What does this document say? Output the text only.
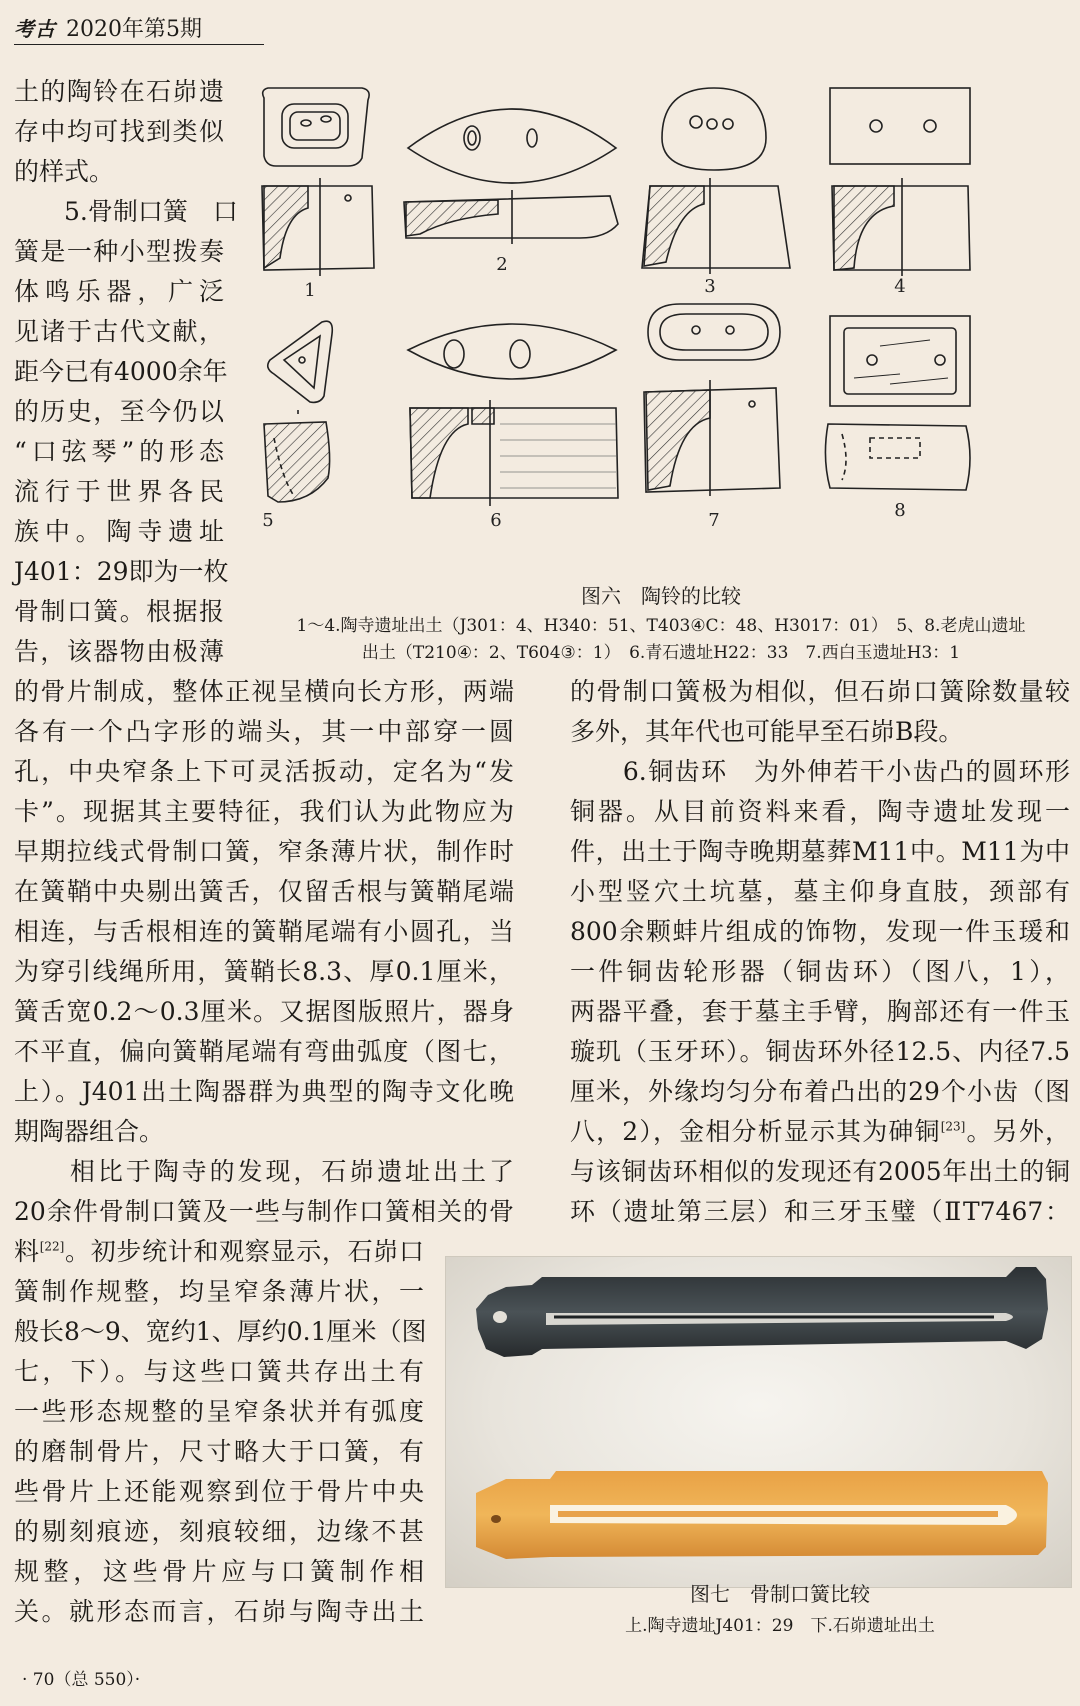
考古 2020年第5期
土的陶铃在石峁遗
存中均可找到类似
的样式。
　　5.骨制口簧　口
簧是一种小型拨奏
体鸣乐器，广泛
见诸于古代文献，
距今已有4000余年
的历史，至今仍以
“口弦琴”的形态
流行于世界各民
族中。陶寺遗址
J401：29即为一枚
骨制口簧。根据报
告，该器物由极薄
1
2
3	4
5	6	7	8
图六　陶铃的比较
1～4.陶寺遗址出土（J301：4、H340：51、T403④C：48、H3017：01）　5、8.老虎山遗址
出土（T210④：2、T604③：1）　6.青石遗址H22：33　7.西白玉遗址H3：1
的骨片制成，整体正视呈横向长方形，两端
各有一个凸字形的端头，其一中部穿一圆
孔，中央窄条上下可灵活扳动，定名为“发
卡”。现据其主要特征，我们认为此物应为
早期拉线式骨制口簧，窄条薄片状，制作时
在簧鞘中央剔出簧舌，仅留舌根与簧鞘尾端
相连，与舌根相连的簧鞘尾端有小圆孔，当
为穿引线绳所用，簧鞘长8.3、厚0.1厘米，
簧舌宽0.2～0.3厘米。又据图版照片，器身
不平直，偏向簧鞘尾端有弯曲弧度（图七，
上）。J401出土陶器群为典型的陶寺文化晚
期陶器组合。
　　相比于陶寺的发现，石峁遗址出土了
20余件骨制口簧及一些与制作口簧相关的骨
料[22]。初步统计和观察显示，石峁口
簧制作规整，均呈窄条薄片状，一
般长8～9、宽约1、厚约0.1厘米（图
七，下）。与这些口簧共存出土有
一些形态规整的呈窄条状并有弧度
的磨制骨片，尺寸略大于口簧，有
些骨片上还能观察到位于骨片中央
的剔刻痕迹，刻痕较细，边缘不甚
规整，这些骨片应与口簧制作相
关。就形态而言，石峁与陶寺出土
的骨制口簧极为相似，但石峁口簧除数量较
多外，其年代也可能早至石峁B段。
　　6.铜齿环　为外伸若干小齿凸的圆环形
铜器。从目前资料来看，陶寺遗址发现一
件，出土于陶寺晚期墓葬M11中。M11为中
小型竖穴土坑墓，墓主仰身直肢，颈部有
800余颗蚌片组成的饰物，发现一件玉瑗和
一件铜齿轮形器（铜齿环）（图八，1），
两器平叠，套于墓主手臂，胸部还有一件玉
璇玑（玉牙环）。铜齿环外径12.5、内径7.5
厘米，外缘均匀分布着凸出的29个小齿（图
八，2），金相分析显示其为砷铜[23]。另外，
与该铜齿环相似的发现还有2005年出土的铜
环（遗址第三层）和三牙玉璧（ⅡT7467：
图七　骨制口簧比较
上.陶寺遗址J401：29　下.石峁遗址出土
· 70（总 550）·
